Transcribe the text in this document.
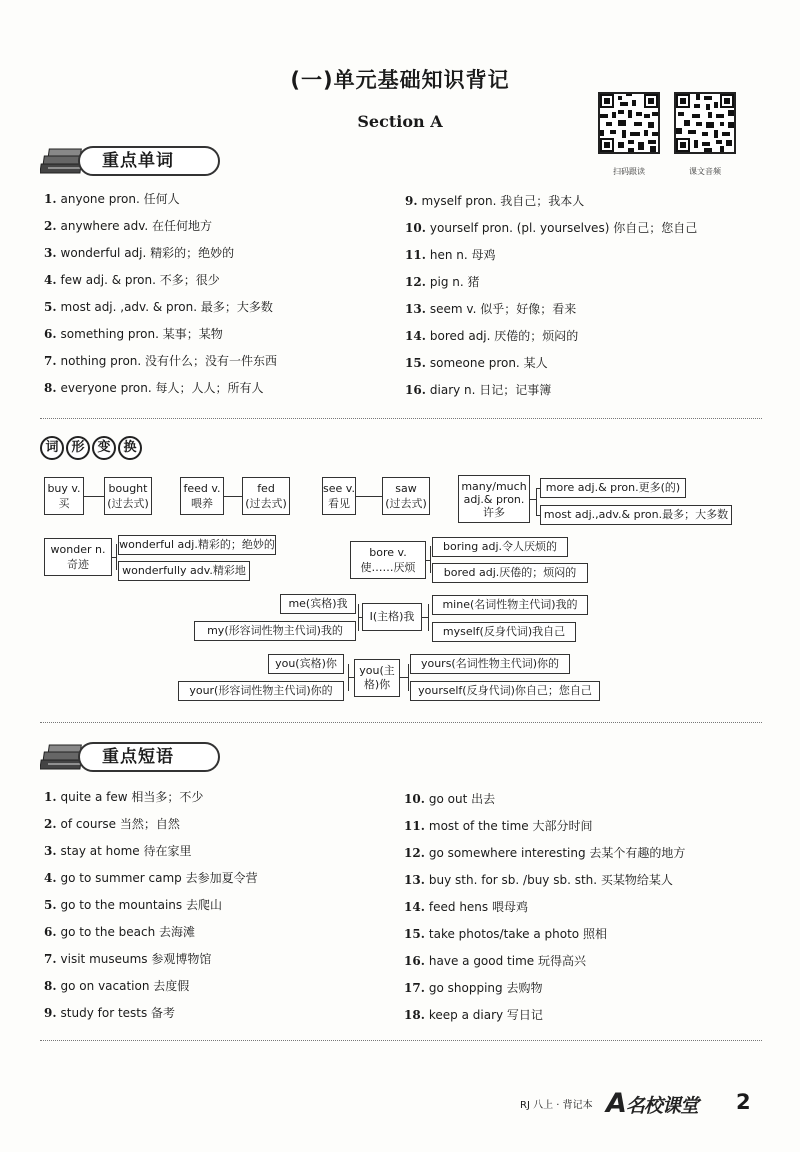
(一)单元基础知识背记
Section A
扫码跟读	课文音频
重点单词
1. anyone pron. 任何人
2. anywhere adv. 在任何地方
3. wonderful adj. 精彩的；绝妙的
4. few adj. & pron. 不多；很少
5. most adj. ,adv. & pron. 最多；大多数
6. something pron. 某事；某物
7. nothing pron. 没有什么；没有一件东西
8. everyone pron. 每人；人人；所有人
9. myself pron. 我自己；我本人
10. yourself pron. (pl. yourselves) 你自己；您自己
11. hen n. 母鸡
12. pig n. 猪
13. seem v. 似乎；好像；看来
14. bored adj. 厌倦的；烦闷的
15. someone pron. 某人
16. diary n. 日记；记事簿
词 形 变 换
buy v.
买
bought
(过去式)
feed v.
喂养
fed
(过去式)
see v.
看见
saw
(过去式)
many/much
adj.& pron.
许多
more adj.& pron.更多(的)
most adj.,adv.& pron.最多；大多数
wonder n.
奇迹
wonderful adj.精彩的；绝妙的
wonderfully adv.精彩地
bore v.
使……厌烦
boring adj.令人厌烦的
bored adj.厌倦的；烦闷的
me(宾格)我
my(形容词性物主代词)我的
I(主格)我
mine(名词性物主代词)我的
myself(反身代词)我自己
you(宾格)你
your(形容词性物主代词)你的
you(主
格)你
yours(名词性物主代词)你的
yourself(反身代词)你自己；您自己
重点短语
1. quite a few 相当多；不少
2. of course 当然；自然
3. stay at home 待在家里
4. go to summer camp 去参加夏令营
5. go to the mountains 去爬山
6. go to the beach 去海滩
7. visit museums 参观博物馆
8. go on vacation 去度假
9. study for tests 备考
10. go out 出去
11. most of the time 大部分时间
12. go somewhere interesting 去某个有趣的地方
13. buy sth. for sb. /buy sb. sth. 买某物给某人
14. feed hens 喂母鸡
15. take photos/take a photo 照相
16. have a good time 玩得高兴
17. go shopping 去购物
18. keep a diary 写日记
RJ 八上 · 背记本 A名校课堂 2
